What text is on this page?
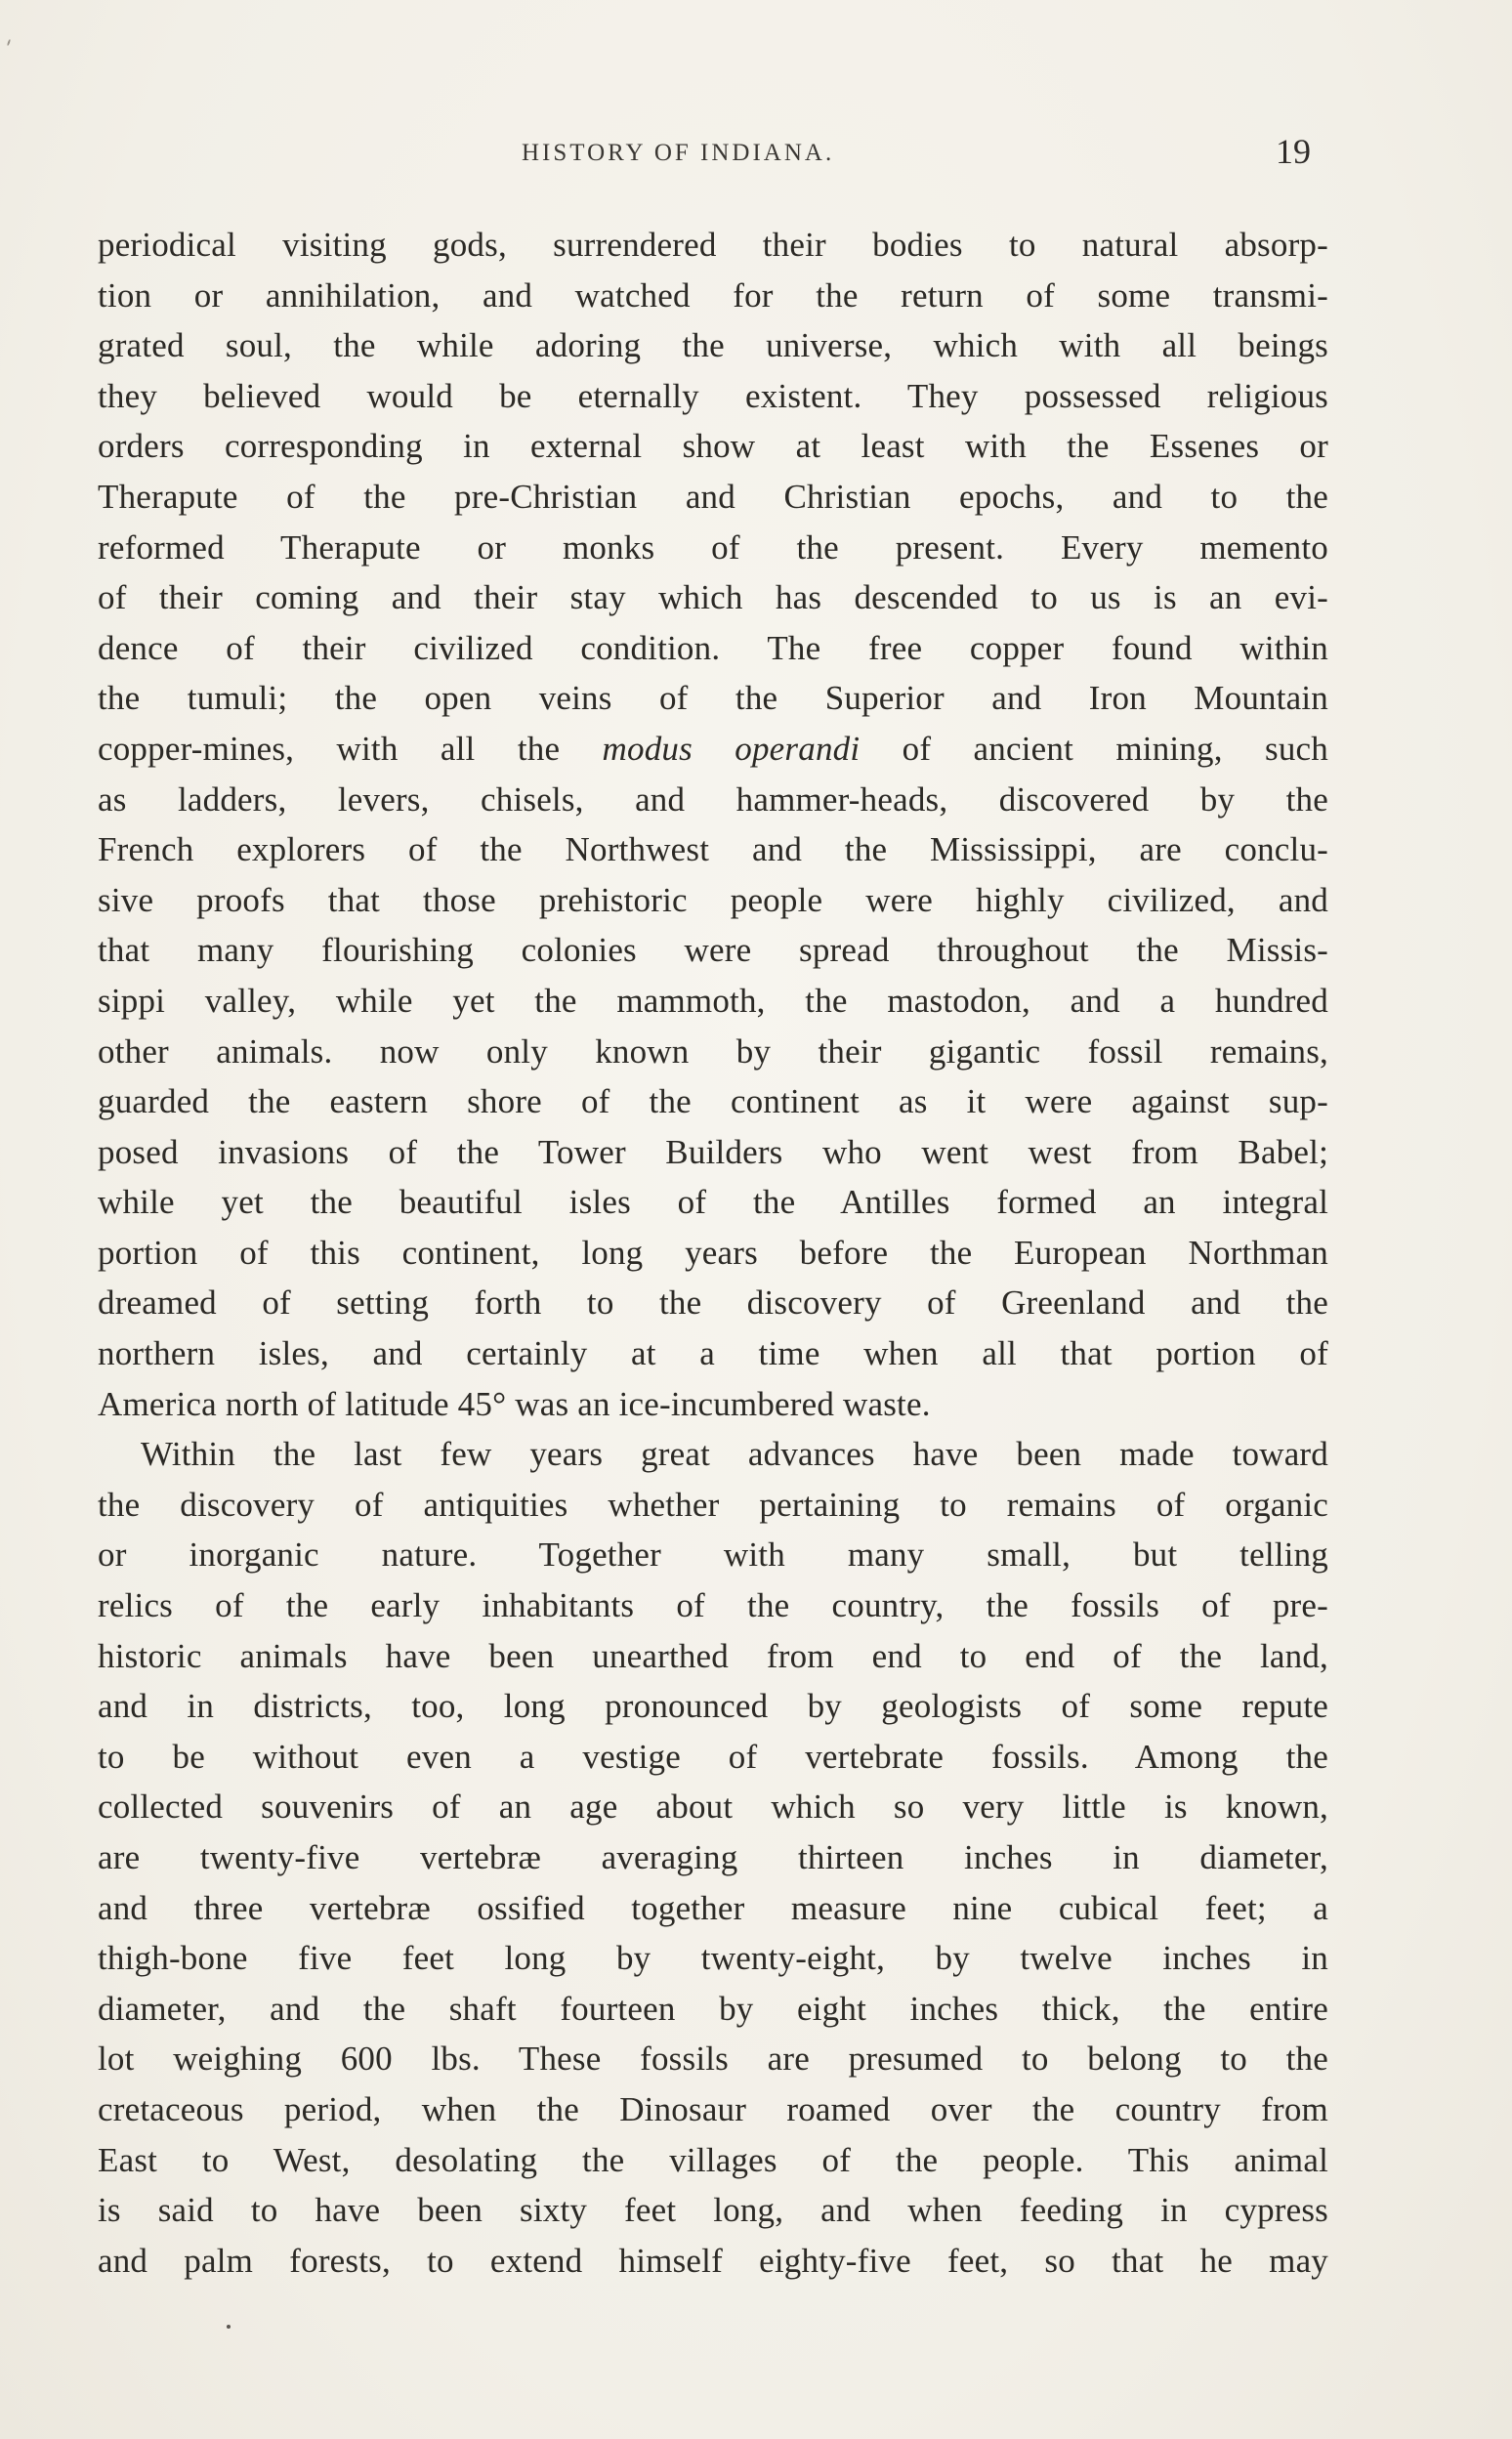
HISTORY OF INDIANA.	19
periodical visiting gods, surrendered their bodies to natural absorp-
tion or annihilation, and watched for the return of some transmi-
grated soul, the while adoring the universe, which with all beings
they believed would be eternally existent. They possessed religious
orders corresponding in external show at least with the Essenes or
Therapute of the pre-Christian and Christian epochs, and to the
reformed Therapute or monks of the present. Every memento
of their coming and their stay which has descended to us is an evi-
dence of their civilized condition. The free copper found within
the tumuli; the open veins of the Superior and Iron Mountain
copper-mines, with all the modus operandi of ancient mining, such
as ladders, levers, chisels, and hammer-heads, discovered by the
French explorers of the Northwest and the Mississippi, are conclu-
sive proofs that those prehistoric people were highly civilized, and
that many flourishing colonies were spread throughout the Missis-
sippi valley, while yet the mammoth, the mastodon, and a hundred
other animals. now only known by their gigantic fossil remains,
guarded the eastern shore of the continent as it were against sup-
posed invasions of the Tower Builders who went west from Babel;
while yet the beautiful isles of the Antilles formed an integral
portion of this continent, long years before the European Northman
dreamed of setting forth to the discovery of Greenland and the
northern isles, and certainly at a time when all that portion of
America north of latitude 45° was an ice-incumbered waste.
Within the last few years great advances have been made toward
the discovery of antiquities whether pertaining to remains of organic
or inorganic nature. Together with many small, but telling
relics of the early inhabitants of the country, the fossils of pre-
historic animals have been unearthed from end to end of the land,
and in districts, too, long pronounced by geologists of some repute
to be without even a vestige of vertebrate fossils. Among the
collected souvenirs of an age about which so very little is known,
are twenty-five vertebræ averaging thirteen inches in diameter,
and three vertebræ ossified together measure nine cubical feet; a
thigh-bone five feet long by twenty-eight, by twelve inches in
diameter, and the shaft fourteen by eight inches thick, the entire
lot weighing 600 lbs. These fossils are presumed to belong to the
cretaceous period, when the Dinosaur roamed over the country from
East to West, desolating the villages of the people. This animal
is said to have been sixty feet long, and when feeding in cypress
and palm forests, to extend himself eighty-five feet, so that he may
